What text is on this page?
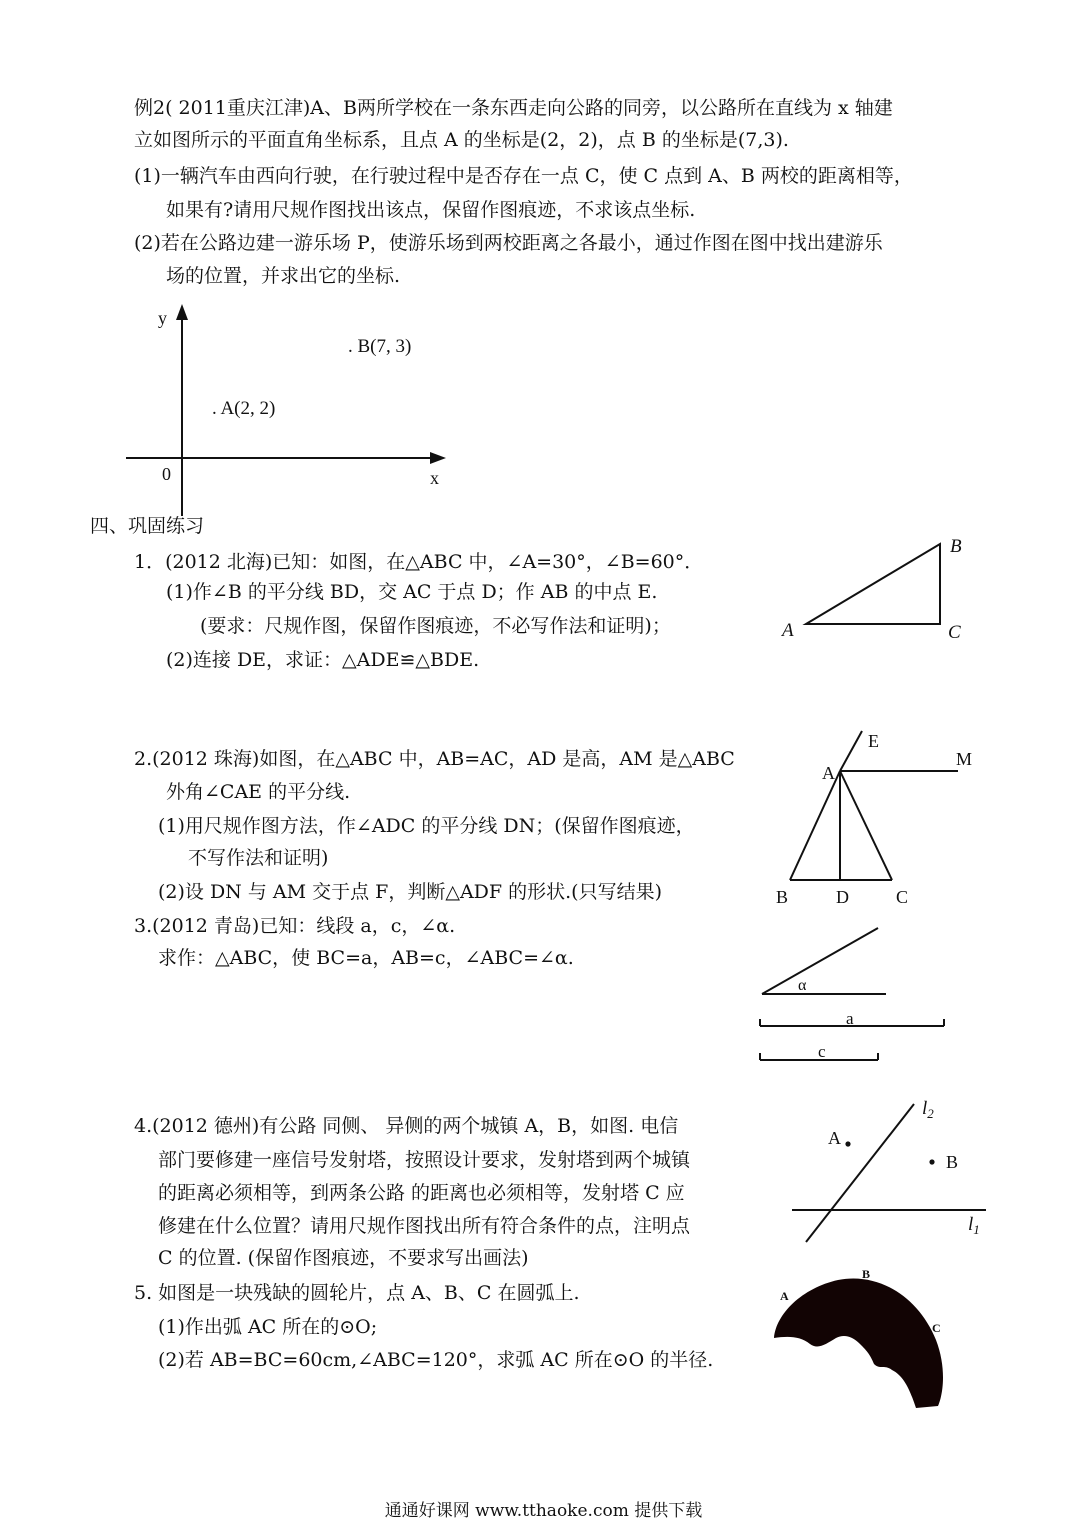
例2( 2011重庆江津)A、B两所学校在一条东西走向公路的同旁，以公路所在直线为 x 轴建
立如图所示的平面直角坐标系，且点 A 的坐标是(2，2)，点 B 的坐标是(7,3).
(1)一辆汽车由西向行驶，在行驶过程中是否存在一点 C，使 C 点到 A、B 两校的距离相等，
如果有?请用尺规作图找出该点，保留作图痕迹，不求该点坐标.
(2)若在公路边建一游乐场 P，使游乐场到两校距离之各最小，通过作图在图中找出建游乐
场的位置，并求出它的坐标.
y
x
0
. A(2, 2)
. B(7, 3)
四、巩固练习
1．(2012 北海)已知：如图，在△ABC 中，∠A=30°，∠B=60°．
(1)作∠B 的平分线 BD，交 AC 于点 D；作 AB 的中点 E.
(要求：尺规作图，保留作图痕迹，不必写作法和证明)；
(2)连接 DE，求证：△ADE≌△BDE.
A
B
C
2.(2012 珠海)如图，在△ABC 中，AB=AC，AD 是高，AM 是△ABC
外角∠CAE 的平分线.
(1)用尺规作图方法，作∠ADC 的平分线 DN；(保留作图痕迹，
不写作法和证明)
(2)设 DN 与 AM 交于点 F，判断△ADF 的形状.(只写结果)
E
M
A
B	D	C
3.(2012 青岛)已知：线段 a，c，∠α.
求作：△ABC，使 BC=a，AB=c，∠ABC=∠α.
α
a
c
4.(2012 德州)有公路 同侧、 异侧的两个城镇 A，B，如图. 电信
部门要修建一座信号发射塔，按照设计要求，发射塔到两个城镇
的距离必须相等，到两条公路 的距离也必须相等，发射塔 C 应
修建在什么位置？请用尺规作图找出所有符合条件的点，注明点
C 的位置. (保留作图痕迹，不要求写出画法)
$l_2$
$l_1$
A
B
5. 如图是一块残缺的圆轮片，点 A、B、C 在圆弧上.
(1)作出弧 AC 所在的⊙O;
(2)若 AB=BC=60cm,∠ABC=120°，求弧 AC 所在⊙O 的半径.
A
B
C
通通好课网 www.tthaoke.com 提供下载
